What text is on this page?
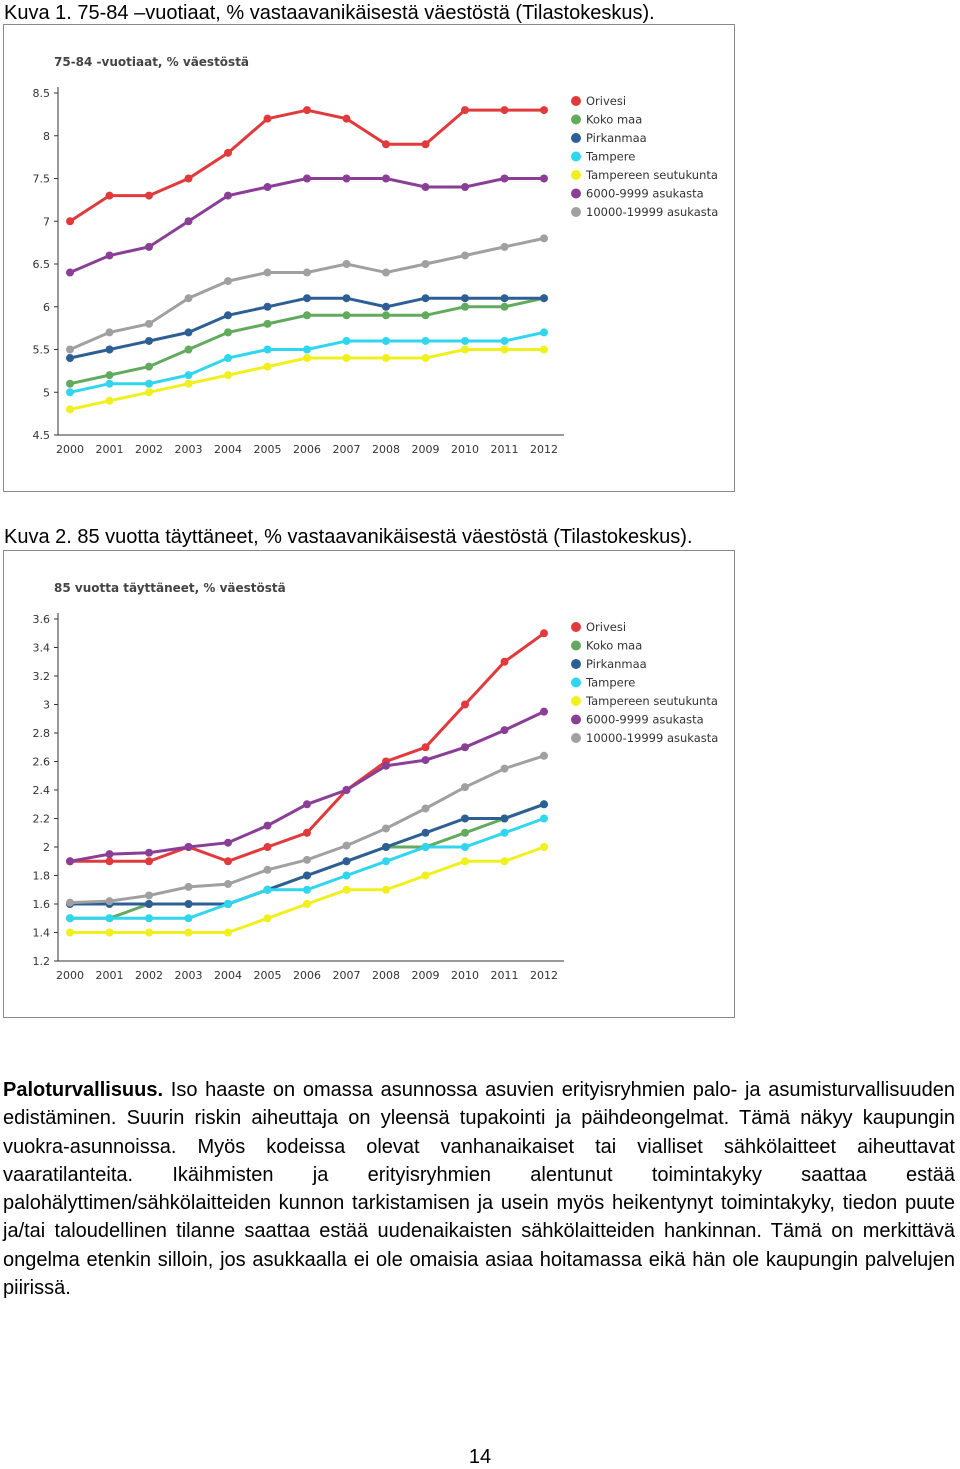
Kuva 1. 75-84 –vuotiaat, % vastaavanikäisestä väestöstä (Tilastokeskus).
75-84 -vuotiaat, % väestöstä
4.5
5
5.5
6
6.5
7
7.5
8
8.5
2000 2001 2002 2003 2004 2005 2006 2007 2008 2009 2010 2011 2012
Orivesi
Koko maa
Pirkanmaa
Tampere
Tampereen seutukunta
6000-9999 asukasta
10000-19999 asukasta
Kuva 2. 85 vuotta täyttäneet, % vastaavanikäisestä väestöstä (Tilastokeskus).
85 vuotta täyttäneet, % väestöstä
1.2
1.4
1.6
1.8
2
2.2
2.4
2.6
2.8
3
3.2
3.4
3.6
2000 2001 2002 2003 2004 2005 2006 2007 2008 2009 2010 2011 2012
Orivesi
Koko maa
Pirkanmaa
Tampere
Tampereen seutukunta
6000-9999 asukasta
10000-19999 asukasta
Paloturvallisuus. Iso haaste on omassa asunnossa asuvien erityisryhmien palo- ja asumisturvallisuuden edistäminen. Suurin riskin aiheuttaja on yleensä tupakointi ja päihdeongelmat. Tämä näkyy kaupungin vuokra-asunnoissa. Myös kodeissa olevat vanhanaikaiset tai vialliset sähkölaitteet aiheuttavat vaaratilanteita. Ikäihmisten ja erityisryhmien alentunut toimintakyky saattaa estää palohälyttimen/sähkölaitteiden kunnon tarkistamisen ja usein myös heikentynyt toimintakyky, tiedon puute ja/tai taloudellinen tilanne saattaa estää uudenaikaisten sähkölaitteiden hankinnan. Tämä on merkittävä ongelma etenkin silloin, jos asukkaalla ei ole omaisia asiaa hoitamassa eikä hän ole kaupungin palvelujen piirissä.
14
